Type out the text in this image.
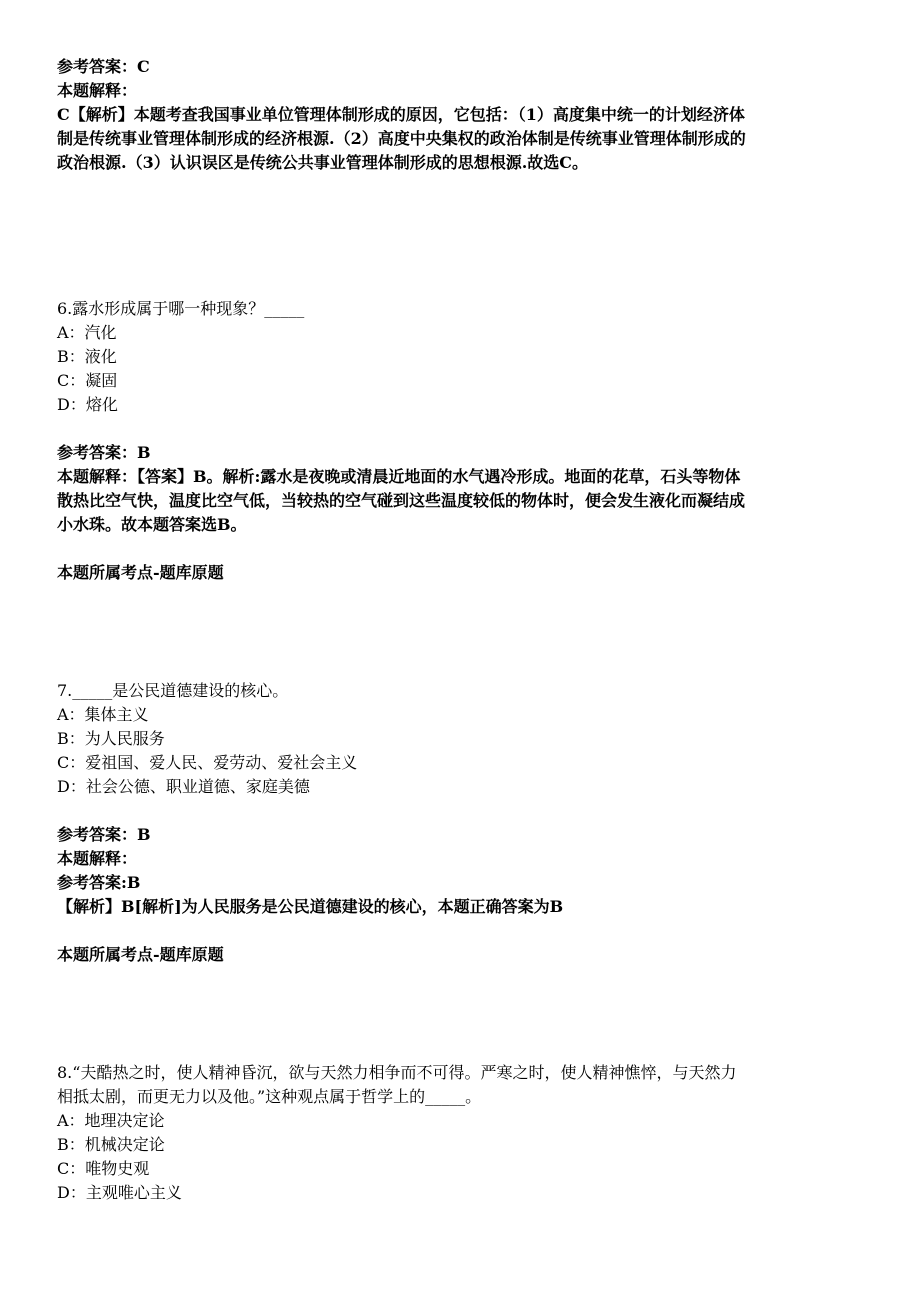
参考答案：C

本题解释：

C【解析】本题考查我国事业单位管理体制形成的原因，它包括：（1）高度集中统一的计划经济体

制是传统事业管理体制形成的经济根源.（2）高度中央集权的政治体制是传统事业管理体制形成的

政治根源.（3）认识误区是传统公共事业管理体制形成的思想根源.故选C。

6.露水形成属于哪一种现象？_____

A：汽化

B：液化

C：凝固

D：熔化

参考答案：B

本题解释：【答案】B。解析:露水是夜晚或清晨近地面的水气遇冷形成。地面的花草，石头等物体

散热比空气快，温度比空气低，当较热的空气碰到这些温度较低的物体时，便会发生液化而凝结成

小水珠。故本题答案选B。

本题所属考点-题库原题

7._____是公民道德建设的核心。

A：集体主义

B：为人民服务

C：爱祖国、爱人民、爱劳动、爱社会主义

D：社会公德、职业道德、家庭美德

参考答案：B

本题解释：

参考答案:B

【解析】B[解析]为人民服务是公民道德建设的核心，本题正确答案为B

本题所属考点-题库原题

8.“夫酷热之时，使人精神昏沉，欲与天然力相争而不可得。严寒之时，使人精神憔悴，与天然力

相抵太剧，而更无力以及他。”这种观点属于哲学上的_____。

A：地理决定论

B：机械决定论

C：唯物史观

D：主观唯心主义
